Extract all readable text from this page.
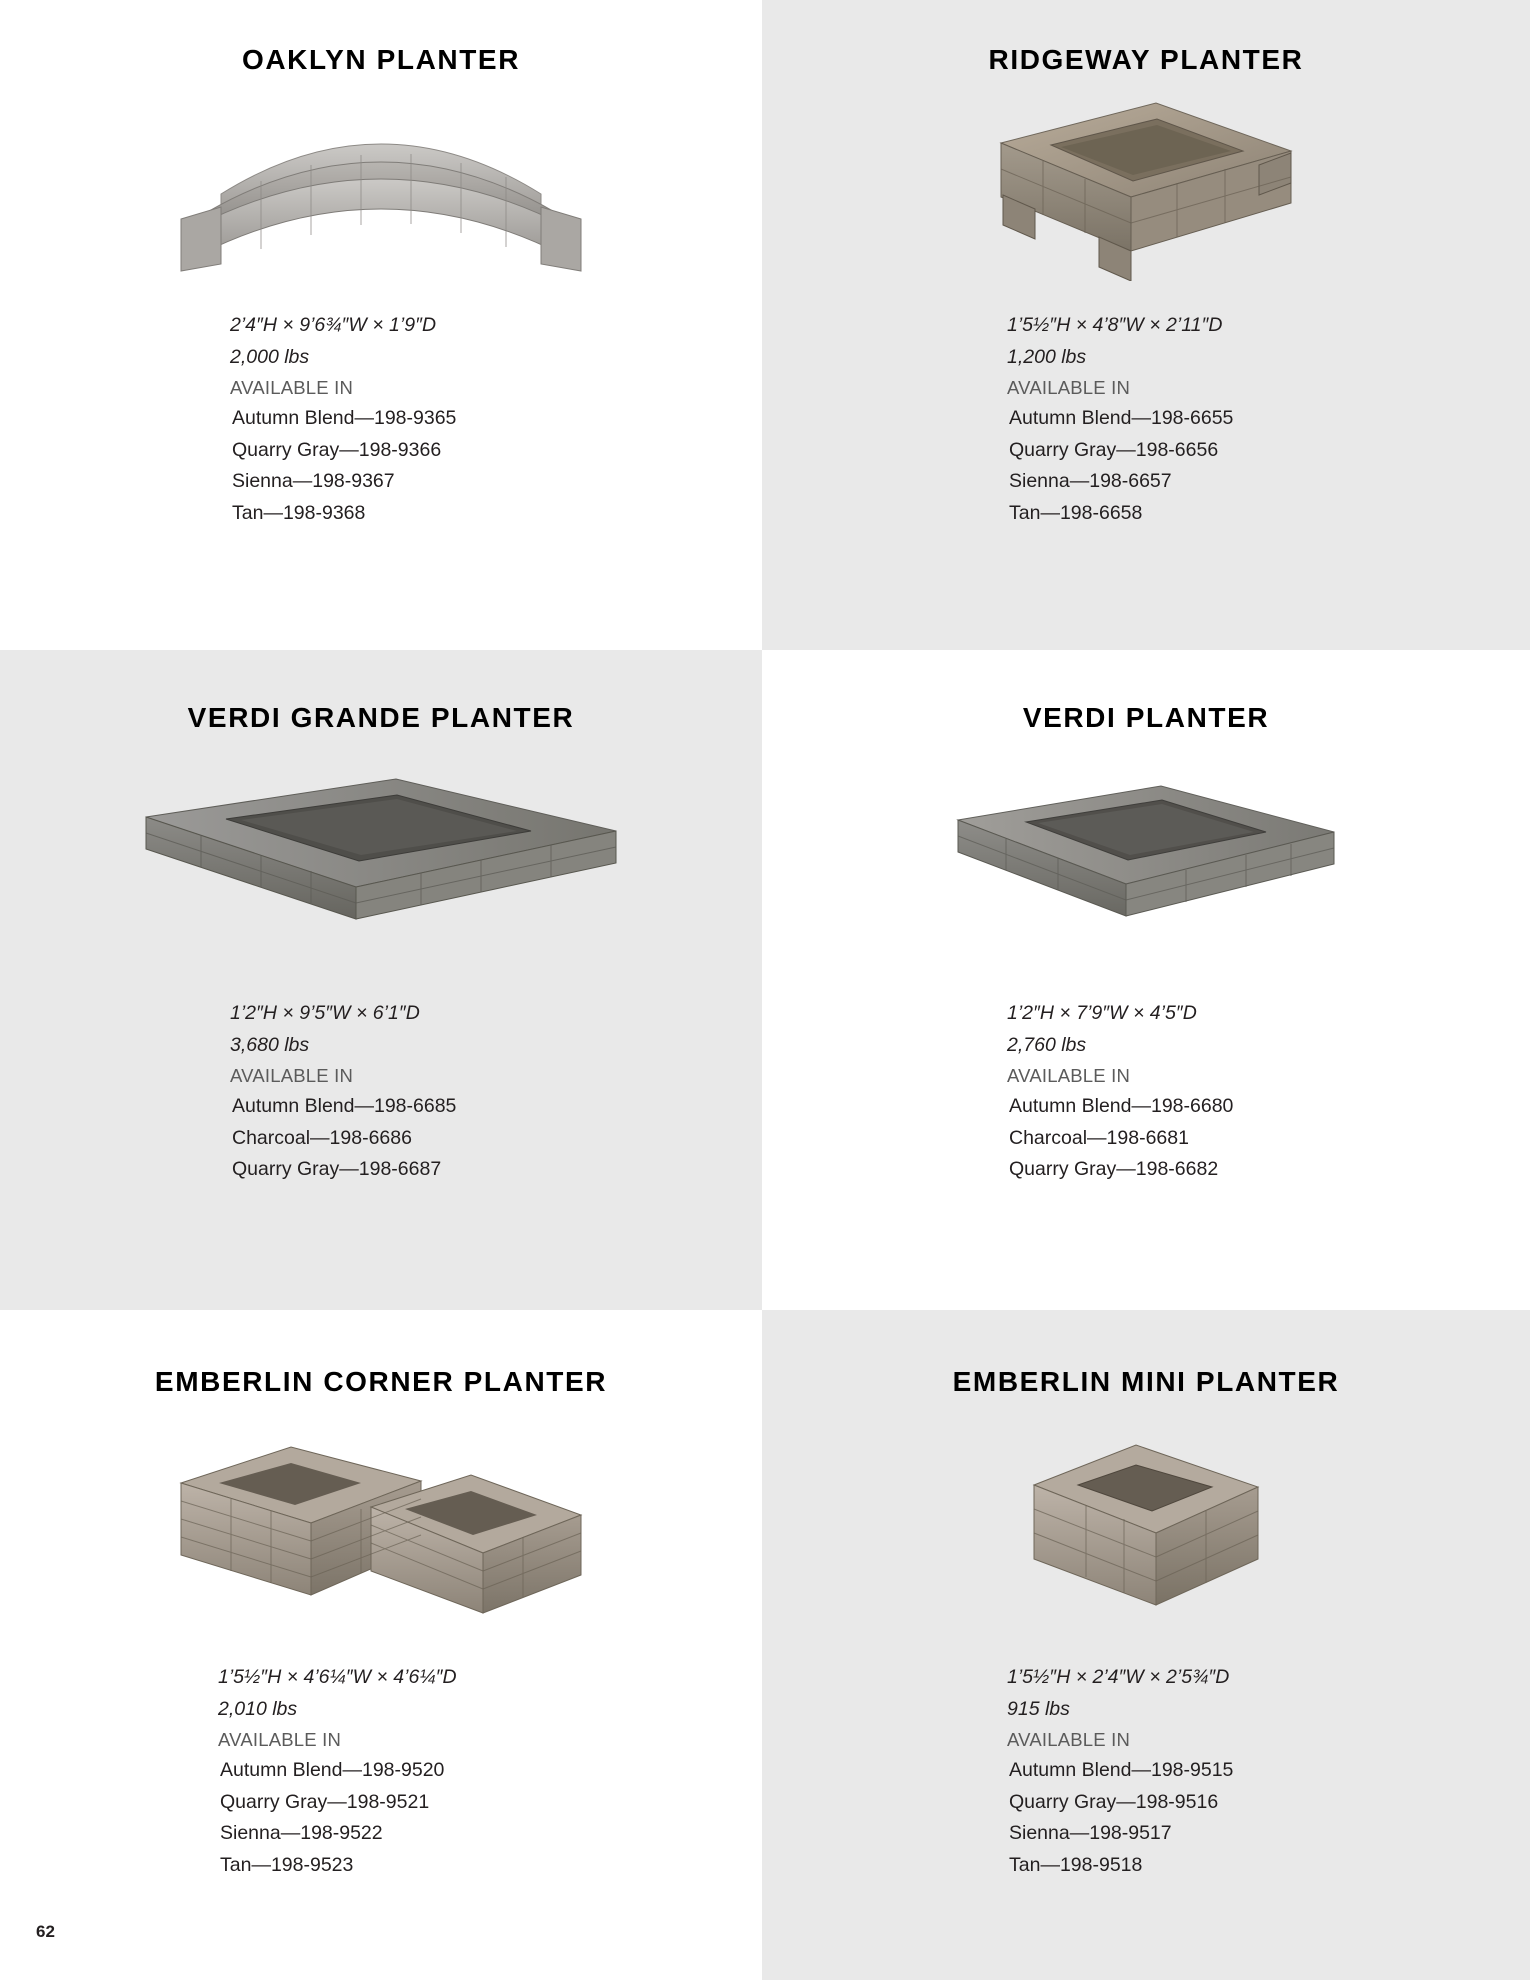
OAKLYN PLANTER
2’4″H × 9’6¾″W × 1’9″D
2,000 lbs
AVAILABLE IN
Autumn Blend—198-9365
Quarry Gray—198-9366
Sienna—198-9367
Tan—198-9368
RIDGEWAY PLANTER
1’5½″H × 4’8″W × 2’11″D
1,200 lbs
AVAILABLE IN
Autumn Blend—198-6655
Quarry Gray—198-6656
Sienna—198-6657
Tan—198-6658
VERDI GRANDE PLANTER
1’2″H × 9’5″W × 6’1″D
3,680 lbs
AVAILABLE IN
Autumn Blend—198-6685
Charcoal—198-6686
Quarry Gray—198-6687
VERDI PLANTER
1’2″H × 7’9″W × 4’5″D
2,760 lbs
AVAILABLE IN
Autumn Blend—198-6680
Charcoal—198-6681
Quarry Gray—198-6682
EMBERLIN CORNER PLANTER
1’5½″H × 4’6¼″W × 4’6¼″D
2,010 lbs
AVAILABLE IN
Autumn Blend—198-9520
Quarry Gray—198-9521
Sienna—198-9522
Tan—198-9523
62
EMBERLIN MINI PLANTER
1’5½″H × 2’4″W × 2’5¾″D
915 lbs
AVAILABLE IN
Autumn Blend—198-9515
Quarry Gray—198-9516
Sienna—198-9517
Tan—198-9518
